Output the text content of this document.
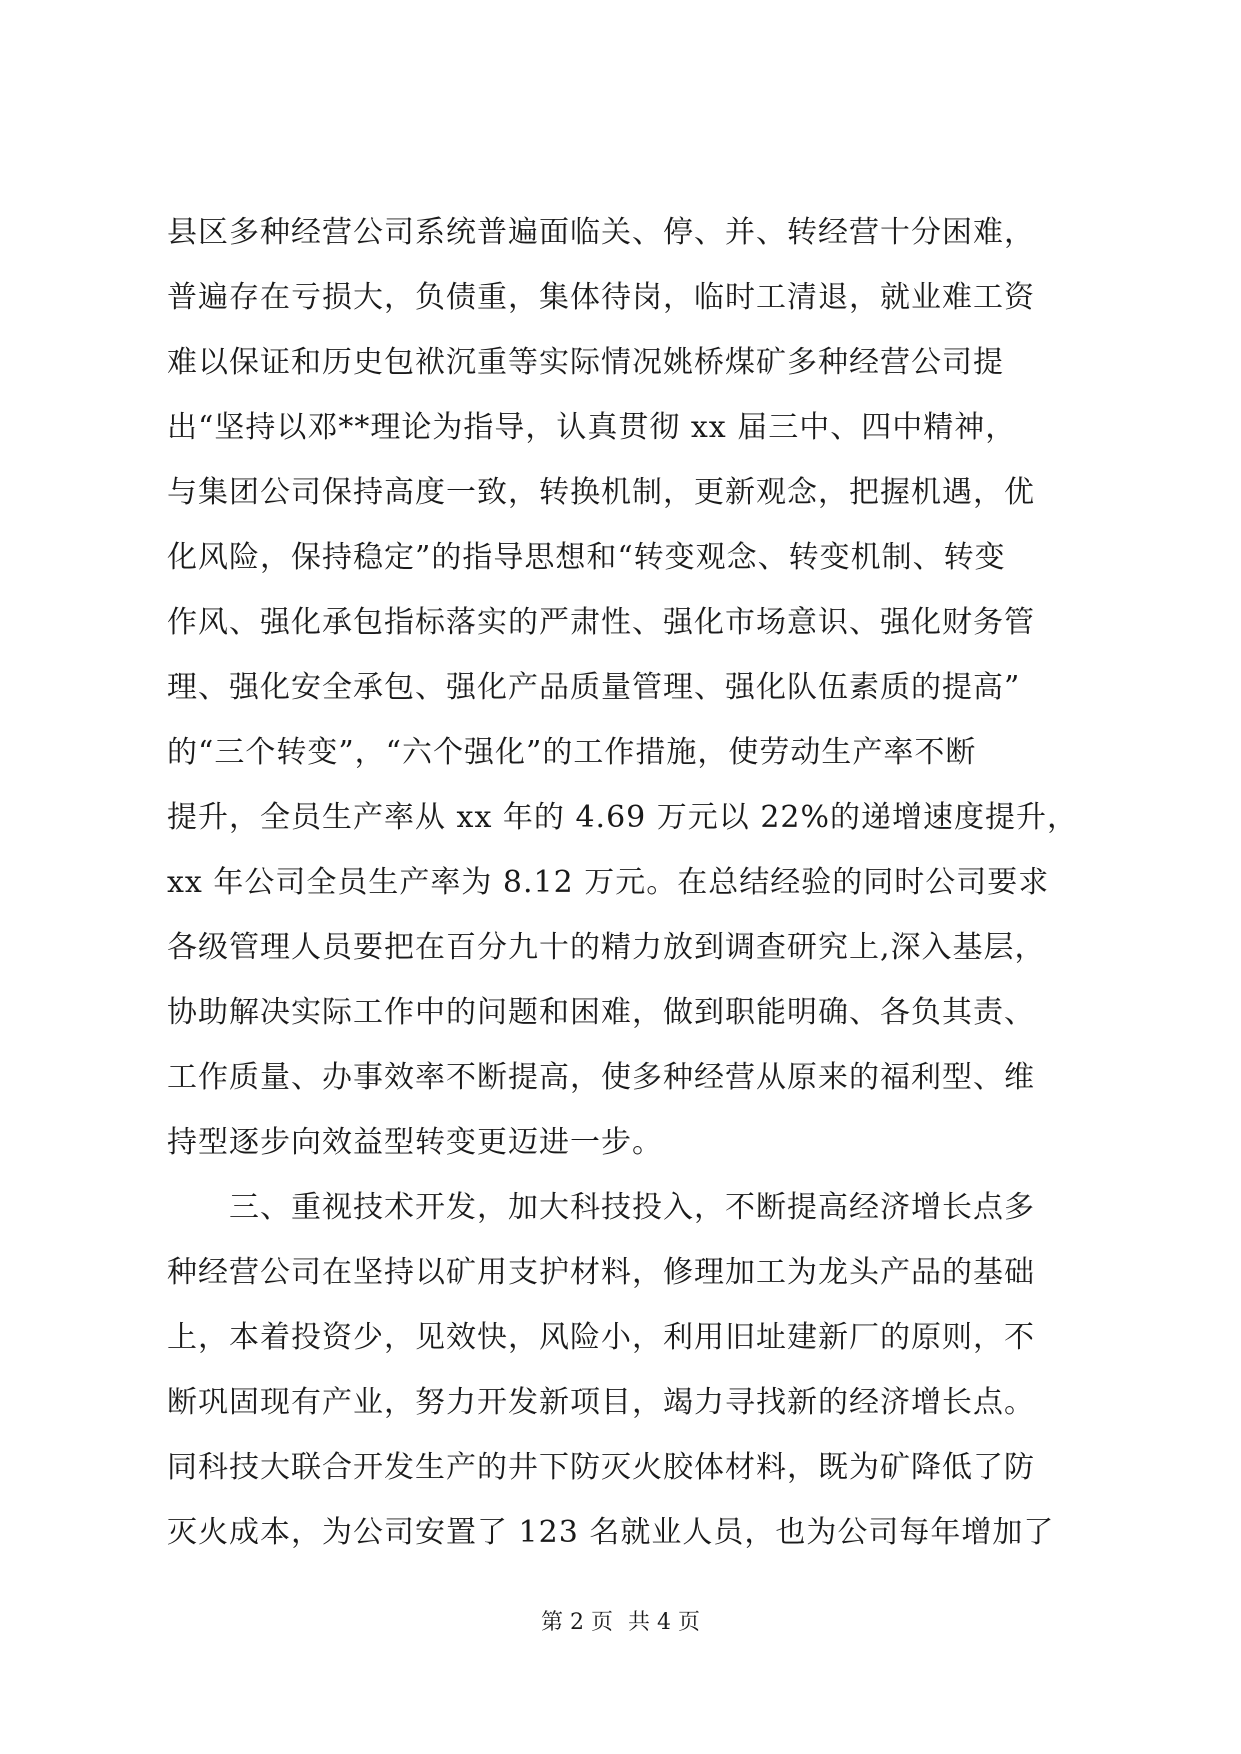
县区多种经营公司系统普遍面临关、停、并、转经营十分困难，
普遍存在亏损大，负债重，集体待岗，临时工清退，就业难工资
难以保证和历史包袱沉重等实际情况姚桥煤矿多种经营公司提
出“坚持以邓**理论为指导，认真贯彻 xx 届三中、四中精神，
与集团公司保持高度一致，转换机制，更新观念，把握机遇，优
化风险，保持稳定”的指导思想和“转变观念、转变机制、转变
作风、强化承包指标落实的严肃性、强化市场意识、强化财务管
理、强化安全承包、强化产品质量管理、强化队伍素质的提高”
的“三个转变”，“六个强化”的工作措施，使劳动生产率不断
提升，全员生产率从 xx 年的 4.69 万元以 22%的递增速度提升，
xx 年公司全员生产率为 8.12 万元。在总结经验的同时公司要求
各级管理人员要把在百分九十的精力放到调查研究上,深入基层，
协助解决实际工作中的问题和困难，做到职能明确、各负其责、
工作质量、办事效率不断提高，使多种经营从原来的福利型、维
持型逐步向效益型转变更迈进一步。
三、重视技术开发，加大科技投入，不断提高经济增长点多
种经营公司在坚持以矿用支护材料，修理加工为龙头产品的基础
上，本着投资少，见效快，风险小，利用旧址建新厂的原则，不
断巩固现有产业，努力开发新项目，竭力寻找新的经济增长点。
同科技大联合开发生产的井下防灭火胶体材料，既为矿降低了防
灭火成本，为公司安置了 123 名就业人员，也为公司每年增加了
第 2 页 共 4 页
